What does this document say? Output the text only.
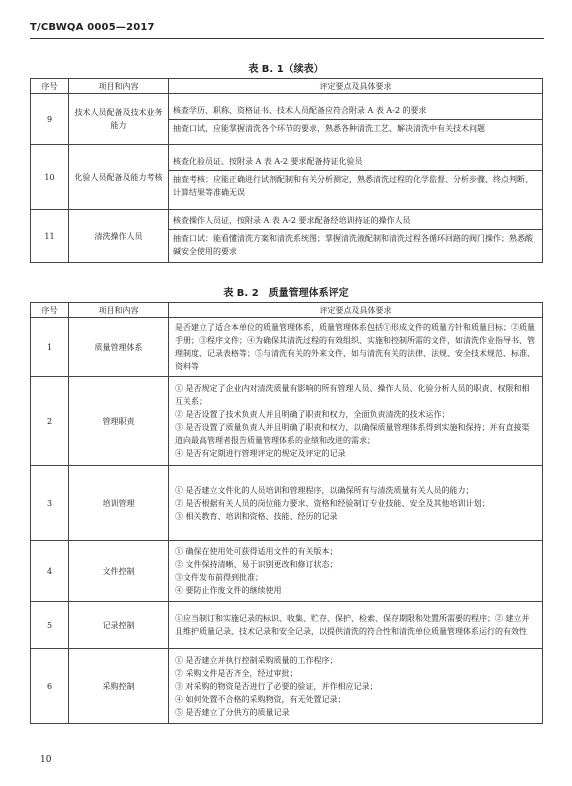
T/CBWQA 0005—2017
表 B. 1（续表）
序号	项目和内容	评定要点及具体要求
9	技术人员配备及技术业务能力	核查学历、职称、资格证书、技术人员配备应符合附录 A 表 A-2 的要求
抽查口试，应能掌握清洗各个环节的要求，熟悉各种清洗工艺、解决清洗中有关技术问题

10	化验人员配备及能力考核	核查化验员证、按附录 A 表 A-2 要求配备持证化验员
抽查考核：应能正确进行试剂配制和有关分析测定，熟悉清洗过程的化学监督、分析步骤、终点判断、计算结果等准确无误

11	清洗操作人员	核查操作人员证，按附录 A 表 A-2 要求配备经培训持证的操作人员
抽查口试：能看懂清洗方案和清洗系统图；掌握清洗液配制和清洗过程各循环回路的阀门操作；熟悉酸碱安全使用的要求
表 B. 2　质量管理体系评定
序号	项目和内容	评定要点及具体要求
1	质量管理体系	是否建立了适合本单位的质量管理体系，质量管理体系包括①形成文件的质量方针和质量目标；②质量手册；③程序文件；④为确保其清洗过程的有效组织、实施和控制所需的文件，如清洗作业指导书、管理制度、记录表格等；⑤与清洗有关的外来文件，如与清洗有关的法律、法规、安全技术规范、标准、资料等

2	管理职责	① 是否规定了企业内对清洗质量有影响的所有管理人员、操作人员、化验分析人员的职责、权限和相互关系；
② 是否设置了技术负责人并且明确了职责和权力，全面负责清洗的技术运作；
③ 是否设置了质量负责人并且明确了职责和权力，以确保质量管理体系得到实施和保持；并有直接渠道向最高管理者报告质量管理体系的业绩和改进的需求；
④ 是否有定期进行管理评定的规定及评定的记录

3	培训管理	① 是否建立文件化的人员培训和管理程序，以确保所有与清洗质量有关人员的能力；
② 是否根据有关人员的岗位能力要求、资格和经验制订专业技能、安全及其他培训计划；
③ 相关教育、培训和资格、技能、经历的记录

4	文件控制	① 确保在使用处可获得适用文件的有关版本；
② 文件保持清晰、易于识别更改和修订状态；
③文件发布前得到批准；
④ 要防止作废文件的继续使用

5	记录控制	①应当制订和实施记录的标识、收集、贮存、保护、检索、保存期限和处置所需要的程序；② 建立并且维护质量记录、技术记录和安全记录，以提供清洗的符合性和清洗单位质量管理体系运行的有效性

6	采购控制	① 是否建立并执行控制采购质量的工作程序；
② 采购文件是否齐全，经过审批；
③ 对采购的物资是否进行了必要的验证，并作相应记录；
④ 如何处置不合格的采购物资，有无处置记录；
⑤ 是否建立了分供方的质量记录
10
